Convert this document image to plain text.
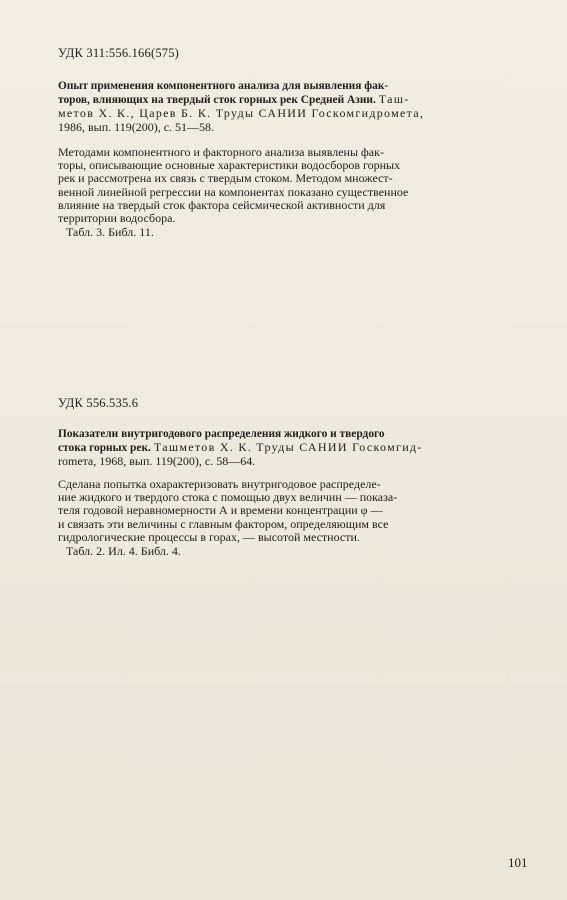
УДК 311:556.166(575)

Опыт применения компонентного анализа для выявления фак-
торов, влияющих на твердый сток горных рек Средней Азии. Таш-
метов Х. К., Царев Б. К. Труды САНИИ Госкомгидромета,
1986, вып. 119(200), с. 51—58.

Методами компонентного и факторного анализа выявлены фак-
торы, описывающие основные характеристики водосборов горных
рек и рассмотрена их связь с твердым стоком. Методом множест-
венной линейной регрессии на компонентах показано существенное
влияние на твердый сток фактора сейсмической активности для
территории водосбора.

Табл. 3. Библ. 11.

УДК 556.535.6

Показатели внутригодового распределения жидкого и твердого
стока горных рек. Ташметов Х. К. Труды САНИИ Госкомгид-
romeтa, 1968, вып. 119(200), с. 58—64.

Сделана попытка охарактеризовать внутригодовое распределе-
ние жидкого и твердого стока с помощью двух величин — показа-
теля годовой неравномерности А и времени концентрации φ —
и связать эти величины с главным фактором, определяющим все
гидрологические процессы в горах, — высотой местности.

Табл. 2. Ил. 4. Библ. 4.

101
